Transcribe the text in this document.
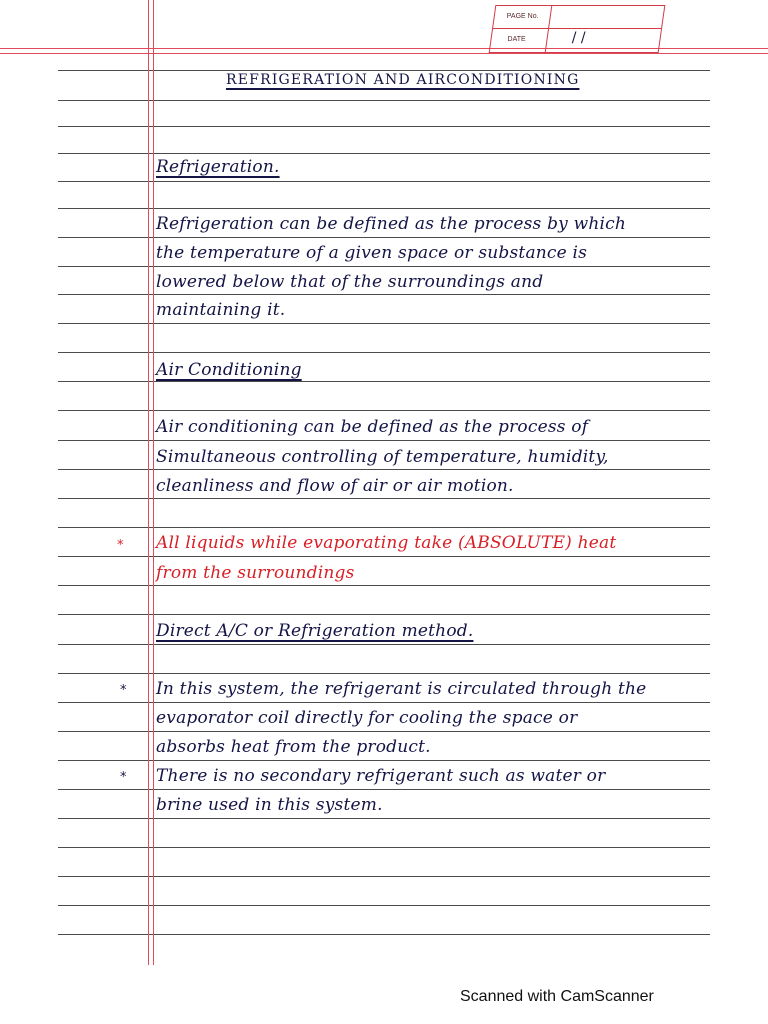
PAGE No.
DATE	/ /
REFRIGERATION AND AIRCONDITIONING
Refrigeration.
Refrigeration can be defined as the process by which
the temperature of a given space or substance is
lowered below that of the surroundings and
maintaining it.
Air Conditioning
Air conditioning can be defined as the process of
Simultaneous controlling of temperature, humidity,
cleanliness and flow of air or air motion.
* All liquids while evaporating take (ABSOLUTE) heat
from the surroundings
Direct A/C or Refrigeration method.
* In this system, the refrigerant is circulated through the
evaporator coil directly for cooling the space or
absorbs heat from the product.
* There is no secondary refrigerant such as water or
brine used in this system.
Scanned with CamScanner
